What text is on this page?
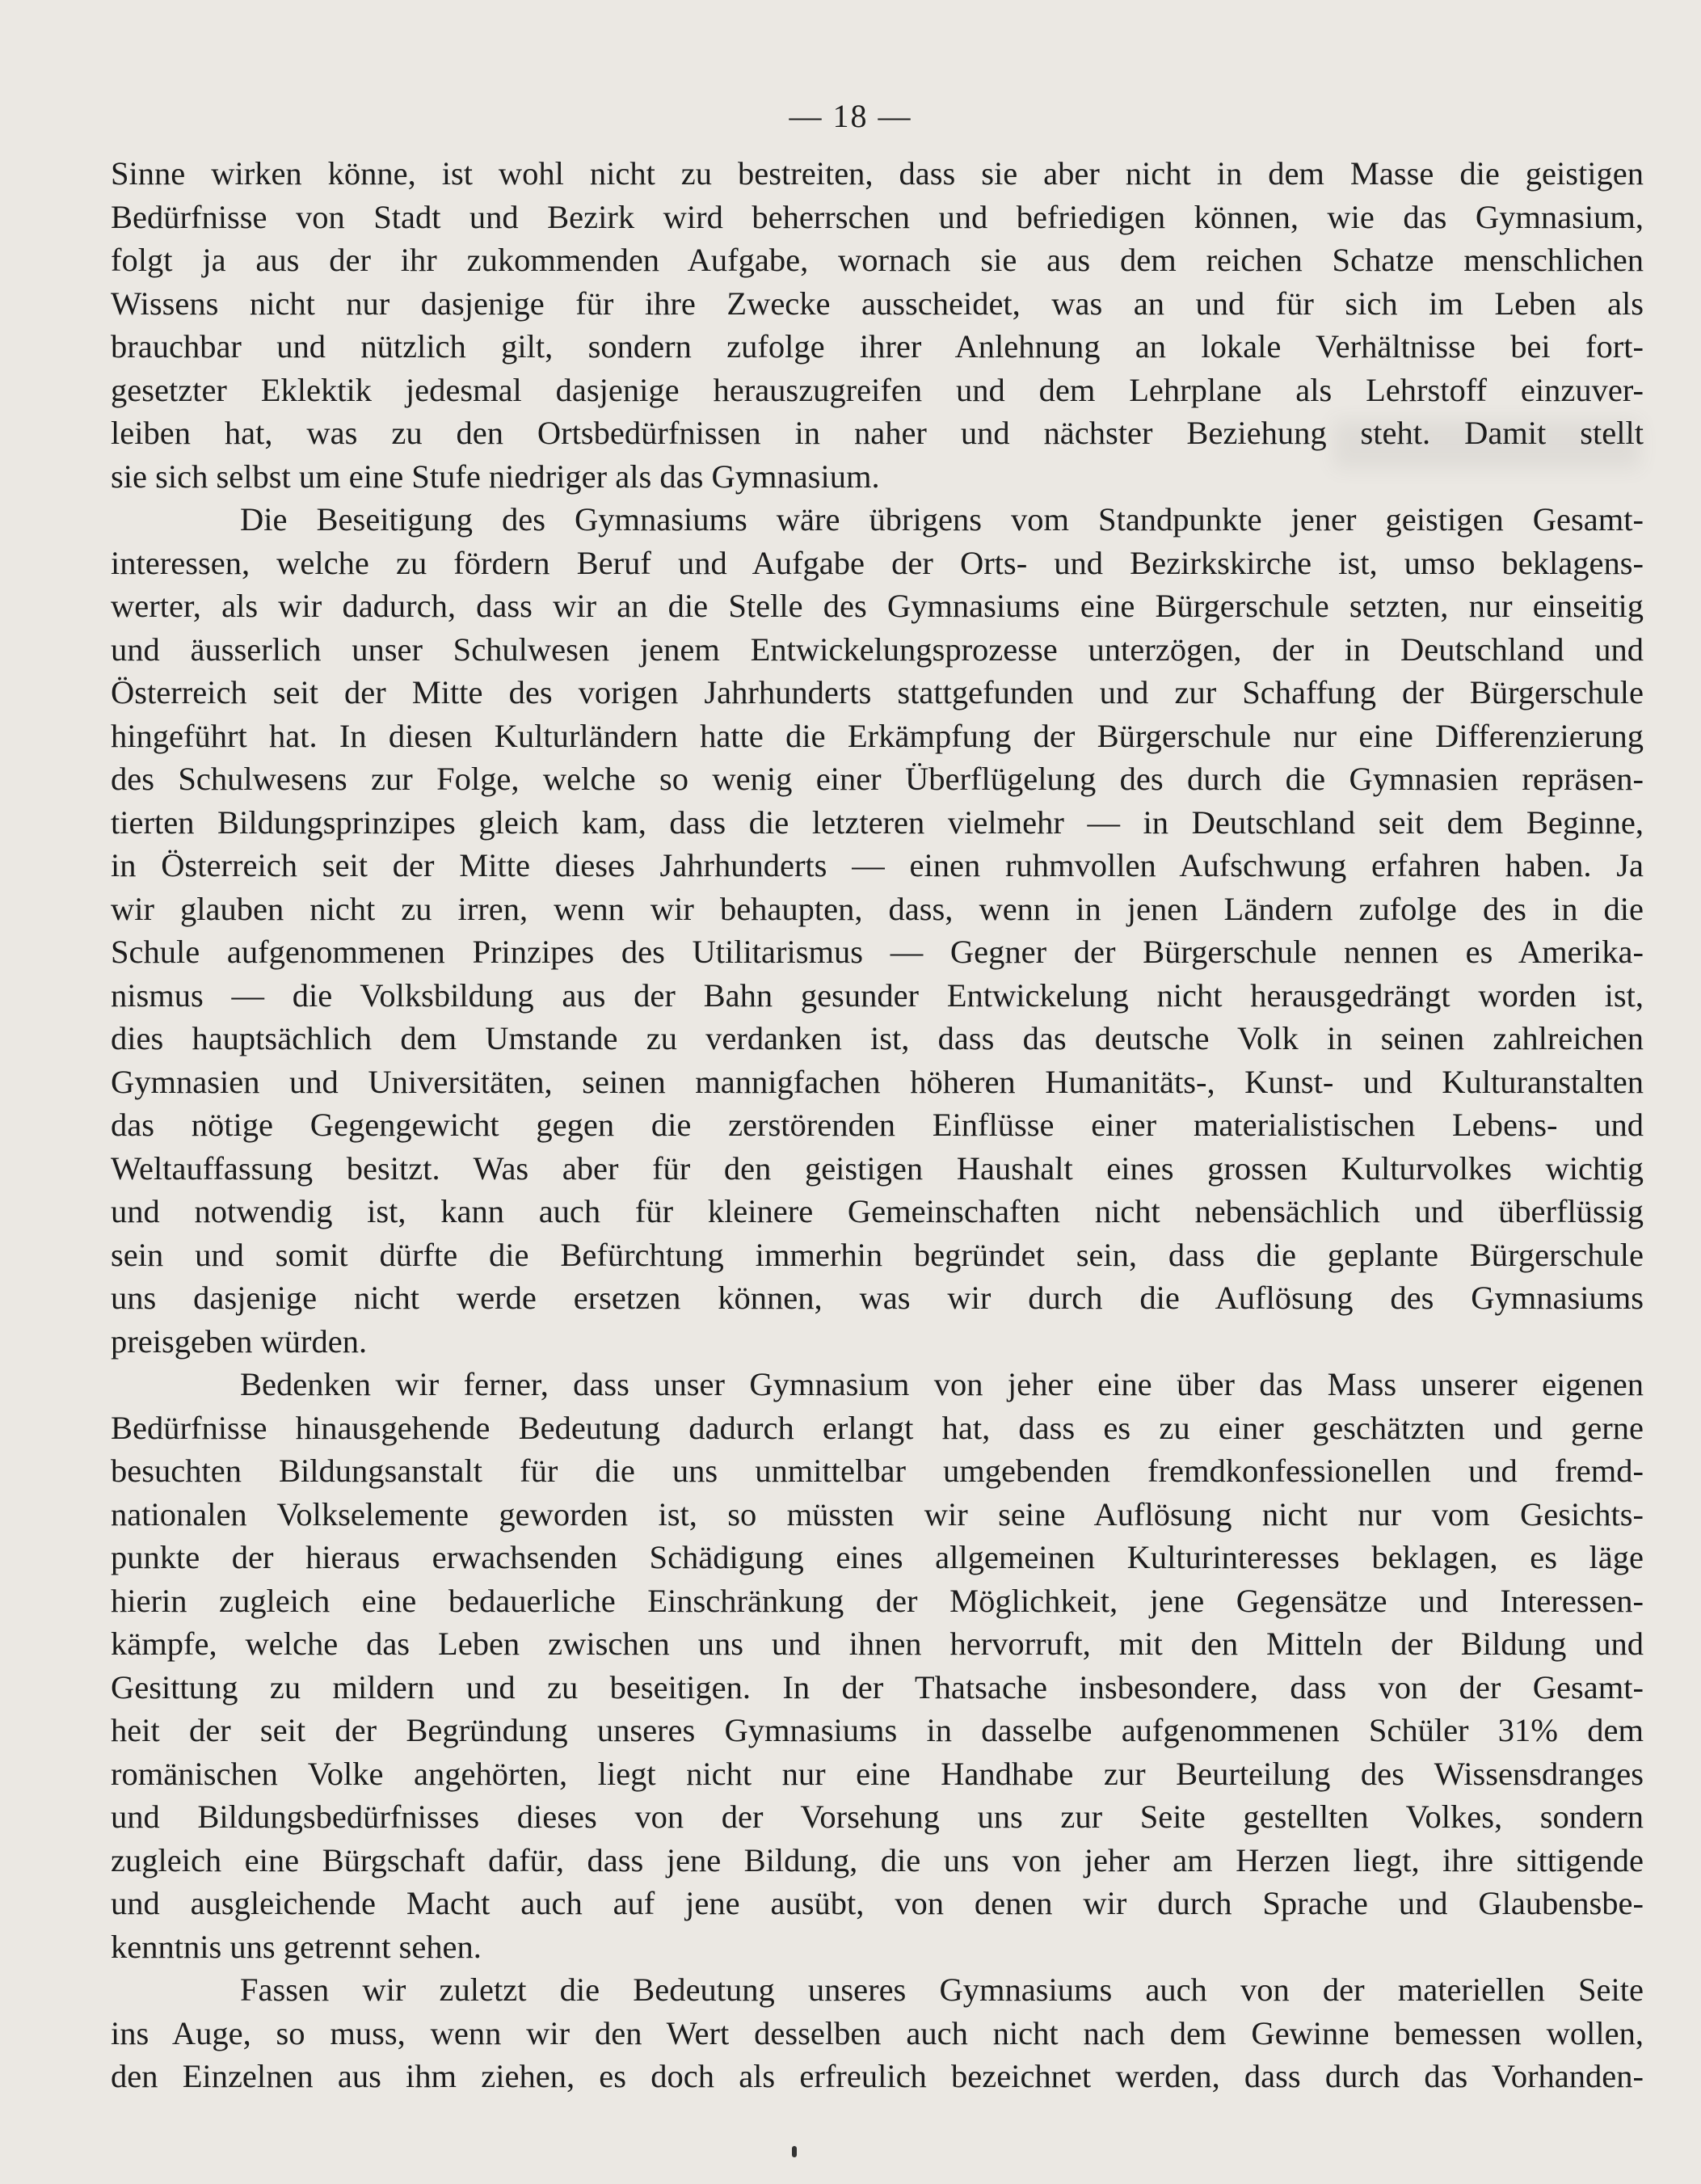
— 18 —

Sinne wirken könne, ist wohl nicht zu bestreiten, dass sie aber nicht in dem Masse die geistigen
Bedürfnisse von Stadt und Bezirk wird beherrschen und befriedigen können, wie das Gymnasium,
folgt ja aus der ihr zukommenden Aufgabe, wornach sie aus dem reichen Schatze menschlichen
Wissens nicht nur dasjenige für ihre Zwecke ausscheidet, was an und für sich im Leben als
brauchbar und nützlich gilt, sondern zufolge ihrer Anlehnung an lokale Verhältnisse bei fort-
gesetzter Eklektik jedesmal dasjenige herauszugreifen und dem Lehrplane als Lehrstoff einzuver-
leiben hat, was zu den Ortsbedürfnissen in naher und nächster Beziehung steht. Damit stellt
sie sich selbst um eine Stufe niedriger als das Gymnasium.

Die Beseitigung des Gymnasiums wäre übrigens vom Standpunkte jener geistigen Gesamt-
interessen, welche zu fördern Beruf und Aufgabe der Orts- und Bezirkskirche ist, umso beklagens-
werter, als wir dadurch, dass wir an die Stelle des Gymnasiums eine Bürgerschule setzten, nur einseitig
und äusserlich unser Schulwesen jenem Entwickelungsprozesse unterzögen, der in Deutschland und
Österreich seit der Mitte des vorigen Jahrhunderts stattgefunden und zur Schaffung der Bürgerschule
hingeführt hat. In diesen Kulturländern hatte die Erkämpfung der Bürgerschule nur eine Differenzierung
des Schulwesens zur Folge, welche so wenig einer Überflügelung des durch die Gymnasien repräsen-
tierten Bildungsprinzipes gleich kam, dass die letzteren vielmehr — in Deutschland seit dem Beginne,
in Österreich seit der Mitte dieses Jahrhunderts — einen ruhmvollen Aufschwung erfahren haben. Ja
wir glauben nicht zu irren, wenn wir behaupten, dass, wenn in jenen Ländern zufolge des in die
Schule aufgenommenen Prinzipes des Utilitarismus — Gegner der Bürgerschule nennen es Amerika-
nismus — die Volksbildung aus der Bahn gesunder Entwickelung nicht herausgedrängt worden ist,
dies hauptsächlich dem Umstande zu verdanken ist, dass das deutsche Volk in seinen zahlreichen
Gymnasien und Universitäten, seinen mannigfachen höheren Humanitäts-, Kunst- und Kulturanstalten
das nötige Gegengewicht gegen die zerstörenden Einflüsse einer materialistischen Lebens- und
Weltauffassung besitzt. Was aber für den geistigen Haushalt eines grossen Kulturvolkes wichtig
und notwendig ist, kann auch für kleinere Gemeinschaften nicht nebensächlich und überflüssig
sein und somit dürfte die Befürchtung immerhin begründet sein, dass die geplante Bürgerschule
uns dasjenige nicht werde ersetzen können, was wir durch die Auflösung des Gymnasiums
preisgeben würden.

Bedenken wir ferner, dass unser Gymnasium von jeher eine über das Mass unserer eigenen
Bedürfnisse hinausgehende Bedeutung dadurch erlangt hat, dass es zu einer geschätzten und gerne
besuchten Bildungsanstalt für die uns unmittelbar umgebenden fremdkonfessionellen und fremd-
nationalen Volkselemente geworden ist, so müssten wir seine Auflösung nicht nur vom Gesichts-
punkte der hieraus erwachsenden Schädigung eines allgemeinen Kulturinteresses beklagen, es läge
hierin zugleich eine bedauerliche Einschränkung der Möglichkeit, jene Gegensätze und Interessen-
kämpfe, welche das Leben zwischen uns und ihnen hervorruft, mit den Mitteln der Bildung und
Gesittung zu mildern und zu beseitigen. In der Thatsache insbesondere, dass von der Gesamt-
heit der seit der Begründung unseres Gymnasiums in dasselbe aufgenommenen Schüler 31% dem
romänischen Volke angehörten, liegt nicht nur eine Handhabe zur Beurteilung des Wissensdranges
und Bildungsbedürfnisses dieses von der Vorsehung uns zur Seite gestellten Volkes, sondern
zugleich eine Bürgschaft dafür, dass jene Bildung, die uns von jeher am Herzen liegt, ihre sittigende
und ausgleichende Macht auch auf jene ausübt, von denen wir durch Sprache und Glaubensbe-
kenntnis uns getrennt sehen.

Fassen wir zuletzt die Bedeutung unseres Gymnasiums auch von der materiellen Seite
ins Auge, so muss, wenn wir den Wert desselben auch nicht nach dem Gewinne bemessen wollen,
den Einzelnen aus ihm ziehen, es doch als erfreulich bezeichnet werden, dass durch das Vorhanden-
